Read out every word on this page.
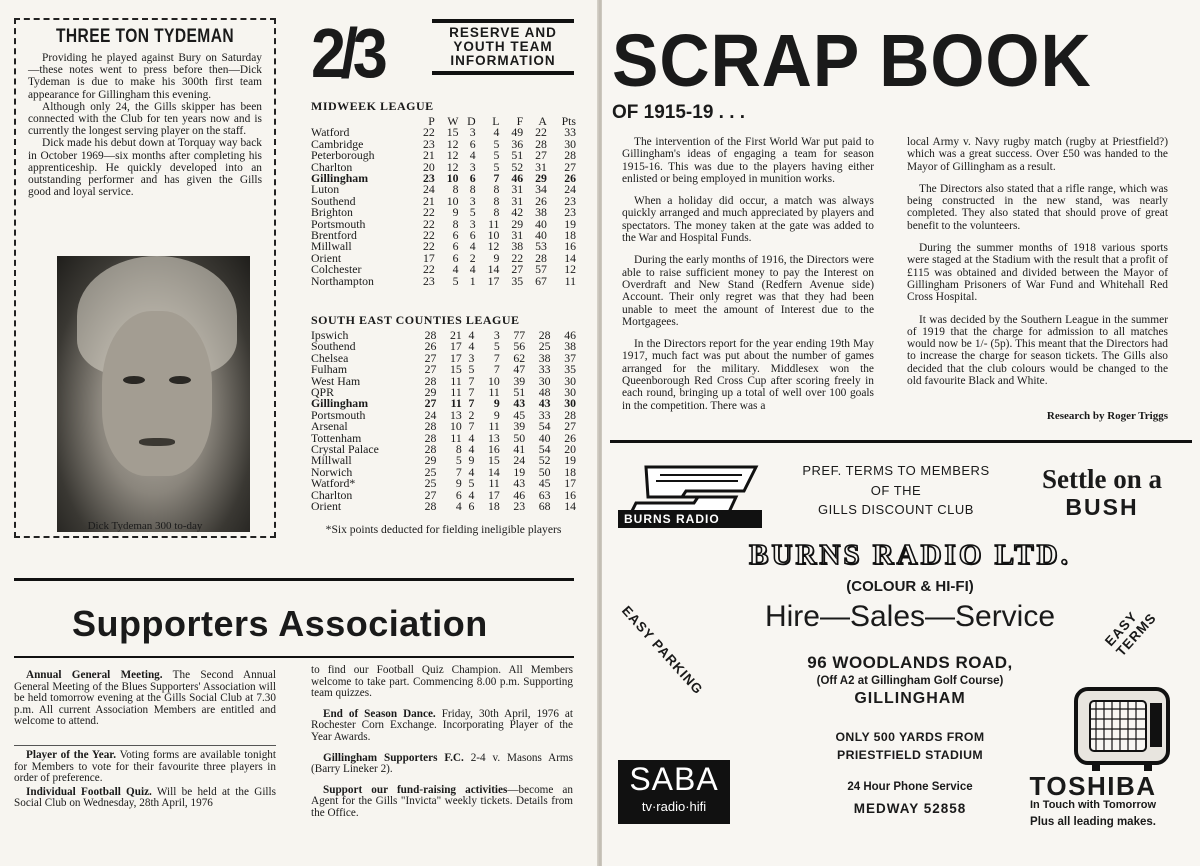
THREE TON TYDEMAN

Providing he played against Bury on Saturday—these notes went to press before then—Dick Tydeman is due to make his 300th first team appearance for Gillingham this evening.

Although only 24, the Gills skipper has been connected with the Club for ten years now and is currently the longest serving player on the staff.

Dick made his debut down at Torquay way back in October 1969—six months after completing his apprenticeship. He quickly developed into an outstanding performer and has given the Gills good and loyal service.

Dick Tydeman 300 to-day
2/3	RESERVE AND
YOUTH TEAM
INFORMATION
MIDWEEK LEAGUE
	P	W	D	L	F	A	Pts
Watford	22	15	3	4	49	22	33
Cambridge	23	12	6	5	36	28	30
Peterborough	21	12	4	5	51	27	28
Charlton	20	12	3	5	52	31	27
Gillingham	23	10	6	7	46	29	26
Luton	24	8	8	8	31	34	24
Southend	21	10	3	8	31	26	23
Brighton	22	9	5	8	42	38	23
Portsmouth	22	8	3	11	29	40	19
Brentford	22	6	6	10	31	40	18
Millwall	22	6	4	12	38	53	16
Orient	17	6	2	9	22	28	14
Colchester	22	4	4	14	27	57	12
Northampton	23	5	1	17	35	67	11
SOUTH EAST COUNTIES LEAGUE
Ipswich	28	21	4	3	77	28	46
Southend	26	17	4	5	56	25	38
Chelsea	27	17	3	7	62	38	37
Fulham	27	15	5	7	47	33	35
West Ham	28	11	7	10	39	30	30
QPR	29	11	7	11	51	48	30
Gillingham	27	11	7	9	43	43	30
Portsmouth	24	13	2	9	45	33	28
Arsenal	28	10	7	11	39	54	27
Tottenham	28	11	4	13	50	40	26
Crystal Palace	28	8	4	16	41	54	20
Millwall	29	5	9	15	24	52	19
Norwich	25	7	4	14	19	50	18
Watford*	25	9	5	11	43	45	17
Charlton	27	6	4	17	46	63	16
Orient	28	4	6	18	23	68	14
*Six points deducted for fielding ineligible players
Supporters Association

Annual General Meeting. The Second Annual General Meeting of the Blues Supporters' Association will be held tomorrow evening at the Gills Social Club at 7.30 p.m. All current Association Members are entitled and welcome to attend.

Player of the Year. Voting forms are available tonight for Members to vote for their favourite three players in order of preference.

Individual Football Quiz. Will be held at the Gills Social Club on Wednesday, 28th April, 1976

to find our Football Quiz Champion. All Members welcome to take part. Commencing 8.00 p.m. Supporting team quizzes.

End of Season Dance. Friday, 30th April, 1976 at Rochester Corn Exchange. Incorporating Player of the Year Awards.

Gillingham Supporters F.C. 2-4 v. Masons Arms (Barry Lineker 2).

Support our fund-raising activities—become an Agent for the Gills "Invicta" weekly tickets. Details from the Office.

SCRAP BOOK
OF 1915-19 . . .

The intervention of the First World War put paid to Gillingham's ideas of engaging a team for season 1915-16. This was due to the players having either enlisted or being employed in munition works.

When a holiday did occur, a match was always quickly arranged and much appreciated by players and spectators. The money taken at the gate was added to the War and Hospital Funds.

During the early months of 1916, the Directors were able to raise sufficient money to pay the Interest on Overdraft and New Stand (Redfern Avenue side) Account. Their only regret was that they had been unable to meet the amount of Interest due to the Mortgagees.

In the Directors report for the year ending 19th May 1917, much fact was put about the number of games arranged for the military. Middlesex won the Queenborough Red Cross Cup after scoring freely in each round, bringing up a total of well over 100 goals in the competition. There was a

local Army v. Navy rugby match (rugby at Priestfield?) which was a great success. Over £50 was handed to the Mayor of Gillingham as a result.

The Directors also stated that a rifle range, which was being constructed in the new stand, was nearly completed. They also stated that should prove of great benefit to the volunteers.

During the summer months of 1918 various sports were staged at the Stadium with the result that a profit of £115 was obtained and divided between the Mayor of Gillingham Prisoners of War Fund and Whitehall Red Cross Hospital.

It was decided by the Southern League in the summer of 1919 that the charge for admission to all matches would now be 1/- (5p). This meant that the Directors had to increase the charge for season tickets. The Gills also decided that the club colours would be changed to the old favourite Black and White.

Research by Roger Triggs
BURNS RADIO
PREF. TERMS TO MEMBERS
OF THE
GILLS DISCOUNT CLUB
Settle on a
BUSH
BURNS RADIO LTD.
(COLOUR & HI-FI)
Hire—Sales—Service
EASY PARKING	EASY TERMS
96 WOODLANDS ROAD,
(Off A2 at Gillingham Golf Course)
GILLINGHAM
ONLY 500 YARDS FROM
PRIESTFIELD STADIUM
SABA
tv·radio·hifi
24 Hour Phone Service
MEDWAY 52858
TOSHIBA
In Touch with Tomorrow
Plus all leading makes.
